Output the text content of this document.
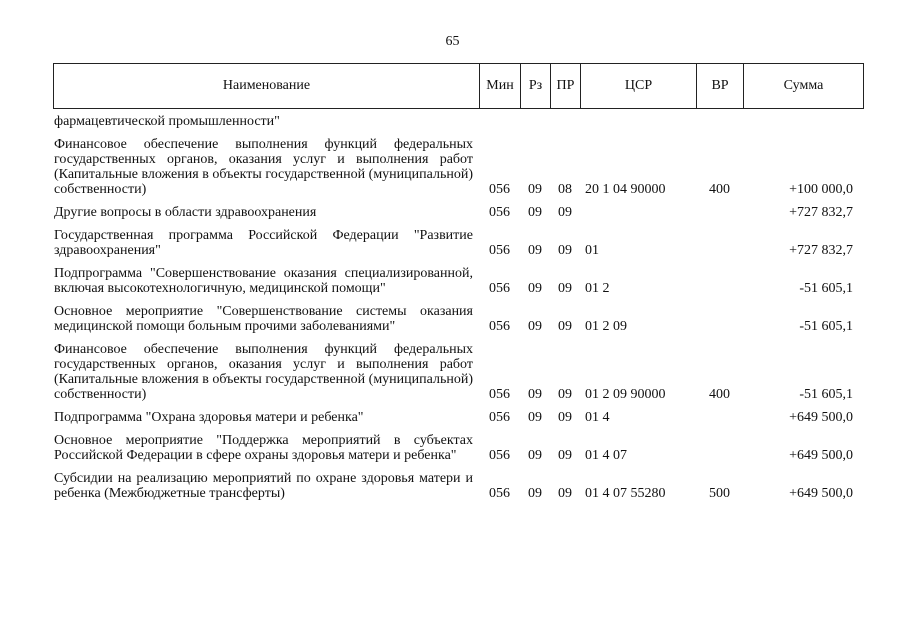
65
Наименование	Мин	Рз	ПР	ЦСР	ВР	Сумма
фармацевтической промышленности"						
Финансовое обеспечение выполнения функций федеральных государственных органов, оказания услуг и выполнения работ (Капитальные вложения в объекты государственной (муниципальной) собственности)	056	09	08	20 1 04 90000	400	+100 000,0
Другие вопросы в области здравоохранения	056	09	09			+727 832,7
Государственная программа Российской Федерации "Развитие здравоохранения"	056	09	09	01		+727 832,7
Подпрограмма "Совершенствование оказания специализированной, включая высокотехнологичную, медицинской помощи"	056	09	09	01 2		-51 605,1
Основное мероприятие "Совершенствование системы оказания медицинской помощи больным прочими заболеваниями"	056	09	09	01 2 09		-51 605,1
Финансовое обеспечение выполнения функций федеральных государственных органов, оказания услуг и выполнения работ (Капитальные вложения в объекты государственной (муниципальной) собственности)	056	09	09	01 2 09 90000	400	-51 605,1
Подпрограмма "Охрана здоровья матери и ребенка"	056	09	09	01 4		+649 500,0
Основное мероприятие "Поддержка мероприятий в субъектах Российской Федерации в сфере охраны здоровья матери и ребенка"	056	09	09	01 4 07		+649 500,0
Субсидии на реализацию мероприятий по охране здоровья матери и ребенка (Межбюджетные трансферты)	056	09	09	01 4 07 55280	500	+649 500,0
